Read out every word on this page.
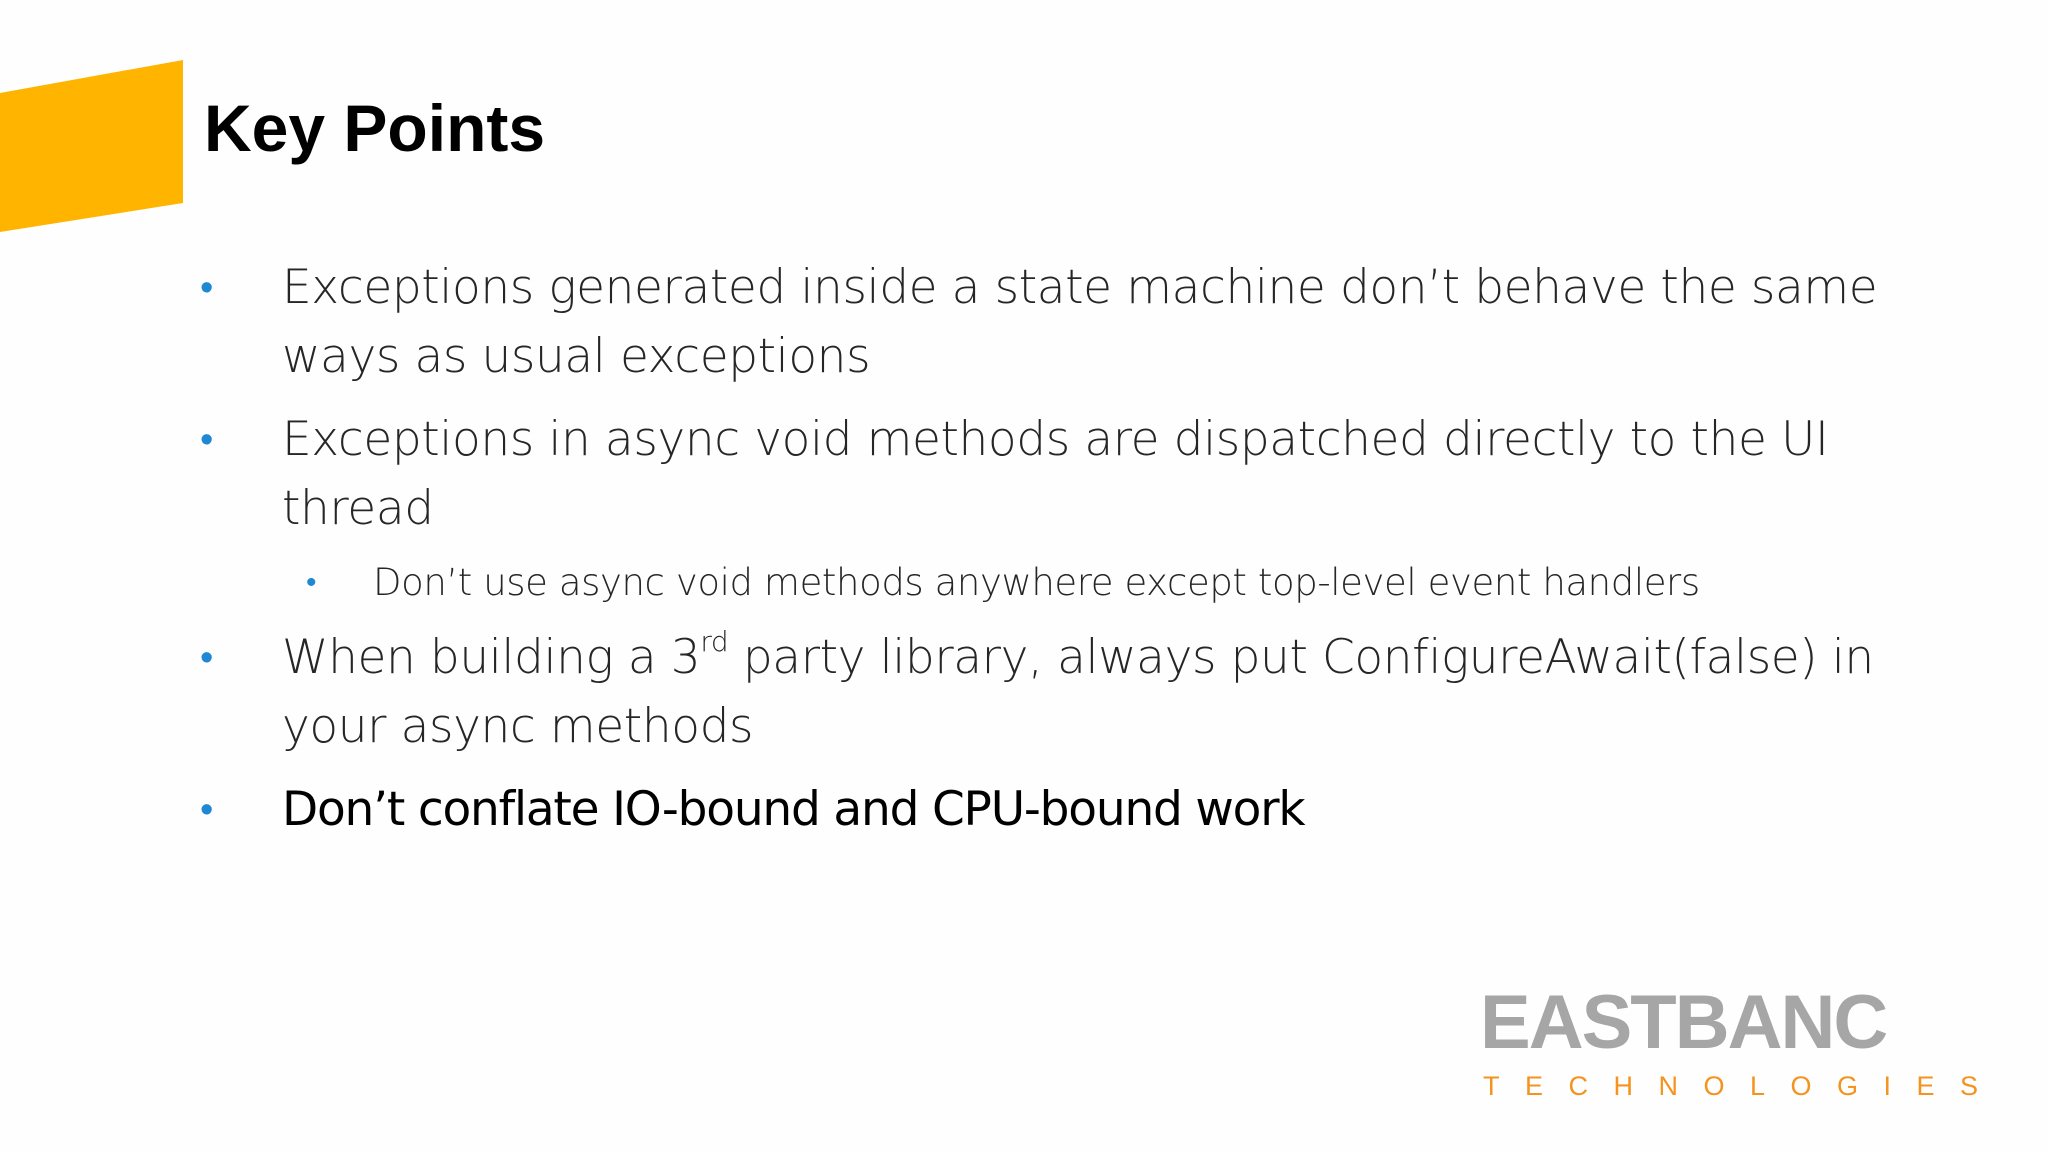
Key Points
• Exceptions generated inside a state machine don’t behave the same
ways as usual exceptions
• Exceptions in async void methods are dispatched directly to the UI
thread
• Don’t use async void methods anywhere except top-level event handlers
• When building a 3rd party library, always put ConfigureAwait(false) in
your async methods
• Don’t conflate IO-bound and CPU-bound work
EASTBANC
TECHNOLOGIES
